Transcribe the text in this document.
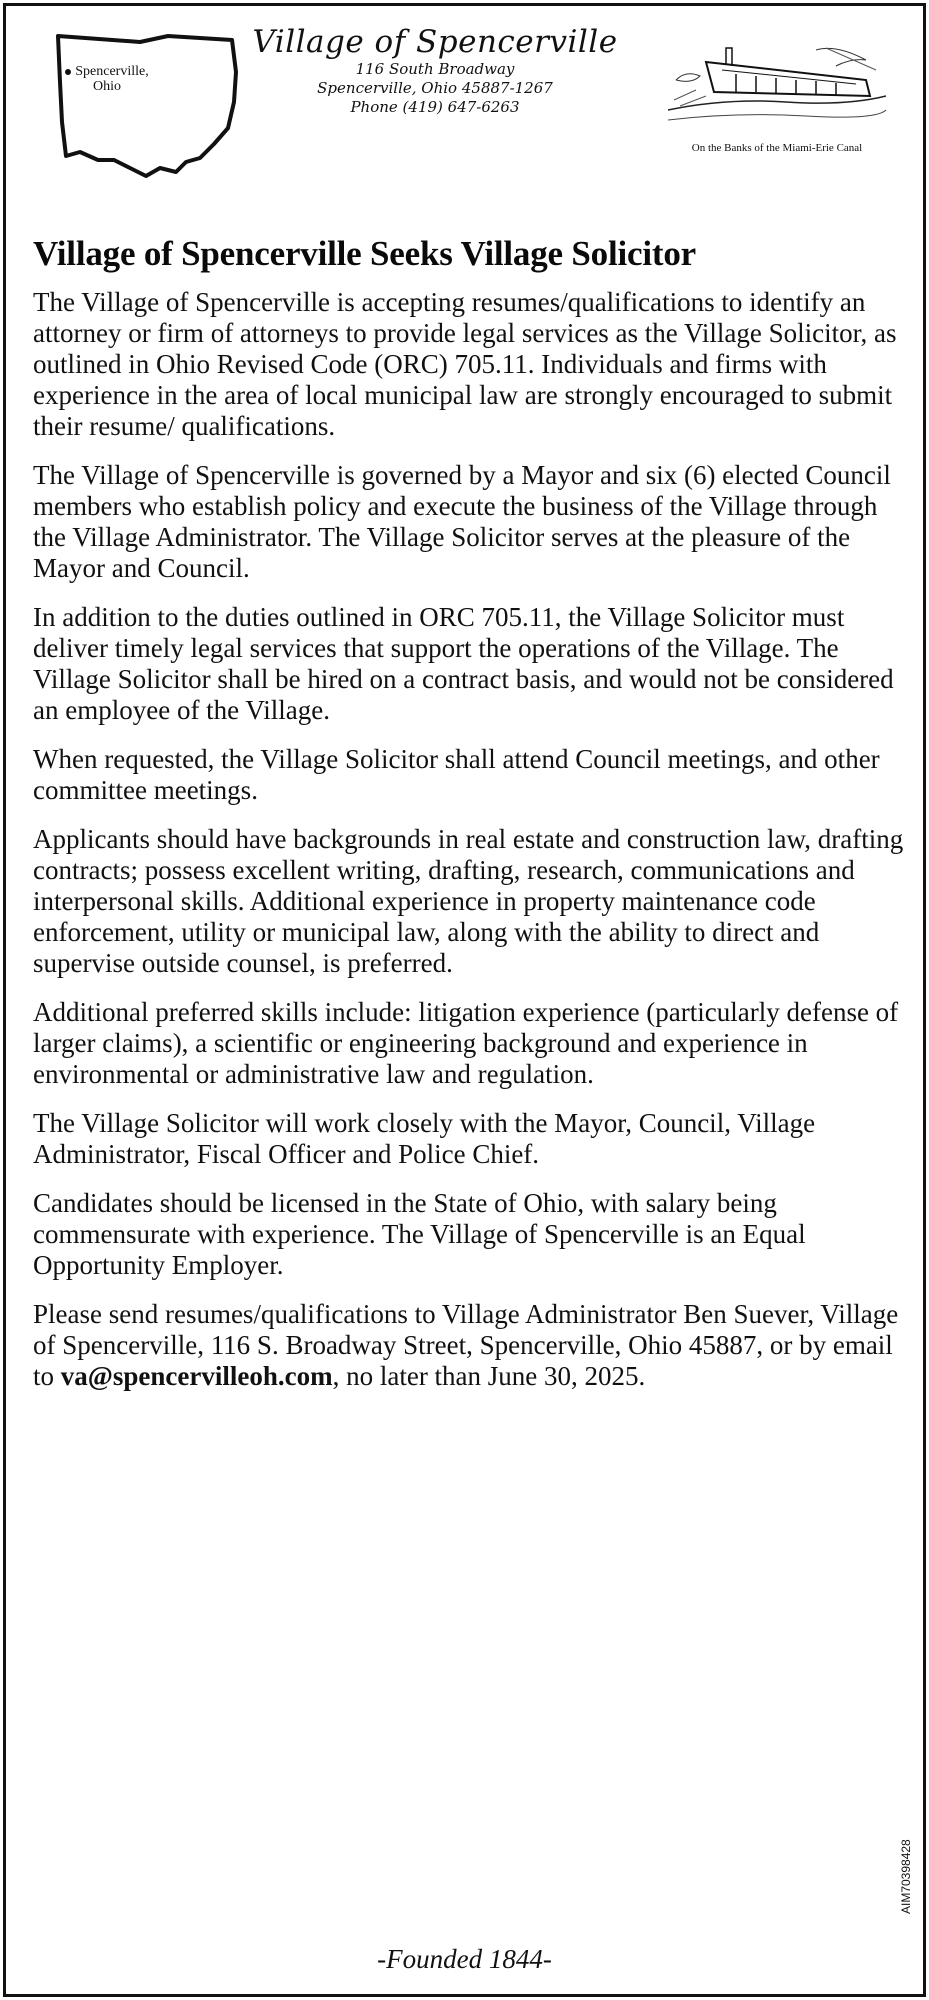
Spencerville,
Ohio
Village of Spencerville
116 South Broadway
Spencerville, Ohio 45887-1267
Phone (419) 647-6263
On the Banks of the Miami-Erie Canal
Village of Spencerville Seeks Village Solicitor

The Village of Spencerville is accepting resumes/qualifications to identify an attorney or firm of attorneys to provide legal services as the Village Solicitor, as outlined in Ohio Revised Code (ORC) 705.11. Individuals and firms with experience in the area of local municipal law are strongly encouraged to submit their resume/ qualifications.

The Village of Spencerville is governed by a Mayor and six (6) elected Council members who establish policy and execute the business of the Village through the Village Administrator. The Village Solicitor serves at the pleasure of the Mayor and Council.

In addition to the duties outlined in ORC 705.11, the Village Solicitor must deliver timely legal services that support the operations of the Village. The Village Solicitor shall be hired on a contract basis, and would not be considered an employee of the Village.

When requested, the Village Solicitor shall attend Council meetings, and other committee meetings.

Applicants should have backgrounds in real estate and construction law, drafting contracts; possess excellent writing, drafting, research, communications and interpersonal skills. Additional experience in property maintenance code enforcement, utility or municipal law, along with the ability to direct and supervise outside counsel, is preferred.

Additional preferred skills include: litigation experience (particularly defense of larger claims), a scientific or engineering background and experience in environmental or administrative law and regulation.

The Village Solicitor will work closely with the Mayor, Council, Village Administrator, Fiscal Officer and Police Chief.

Candidates should be licensed in the State of Ohio, with salary being commensurate with experience. The Village of Spencerville is an Equal Opportunity Employer.

Please send resumes/qualifications to Village Administrator Ben Suever, Village of Spencerville, 116 S. Broadway Street, Spencerville, Ohio 45887, or by email to va@spencervilleoh.com, no later than June 30, 2025.

-Founded 1844-
AIM70398428
